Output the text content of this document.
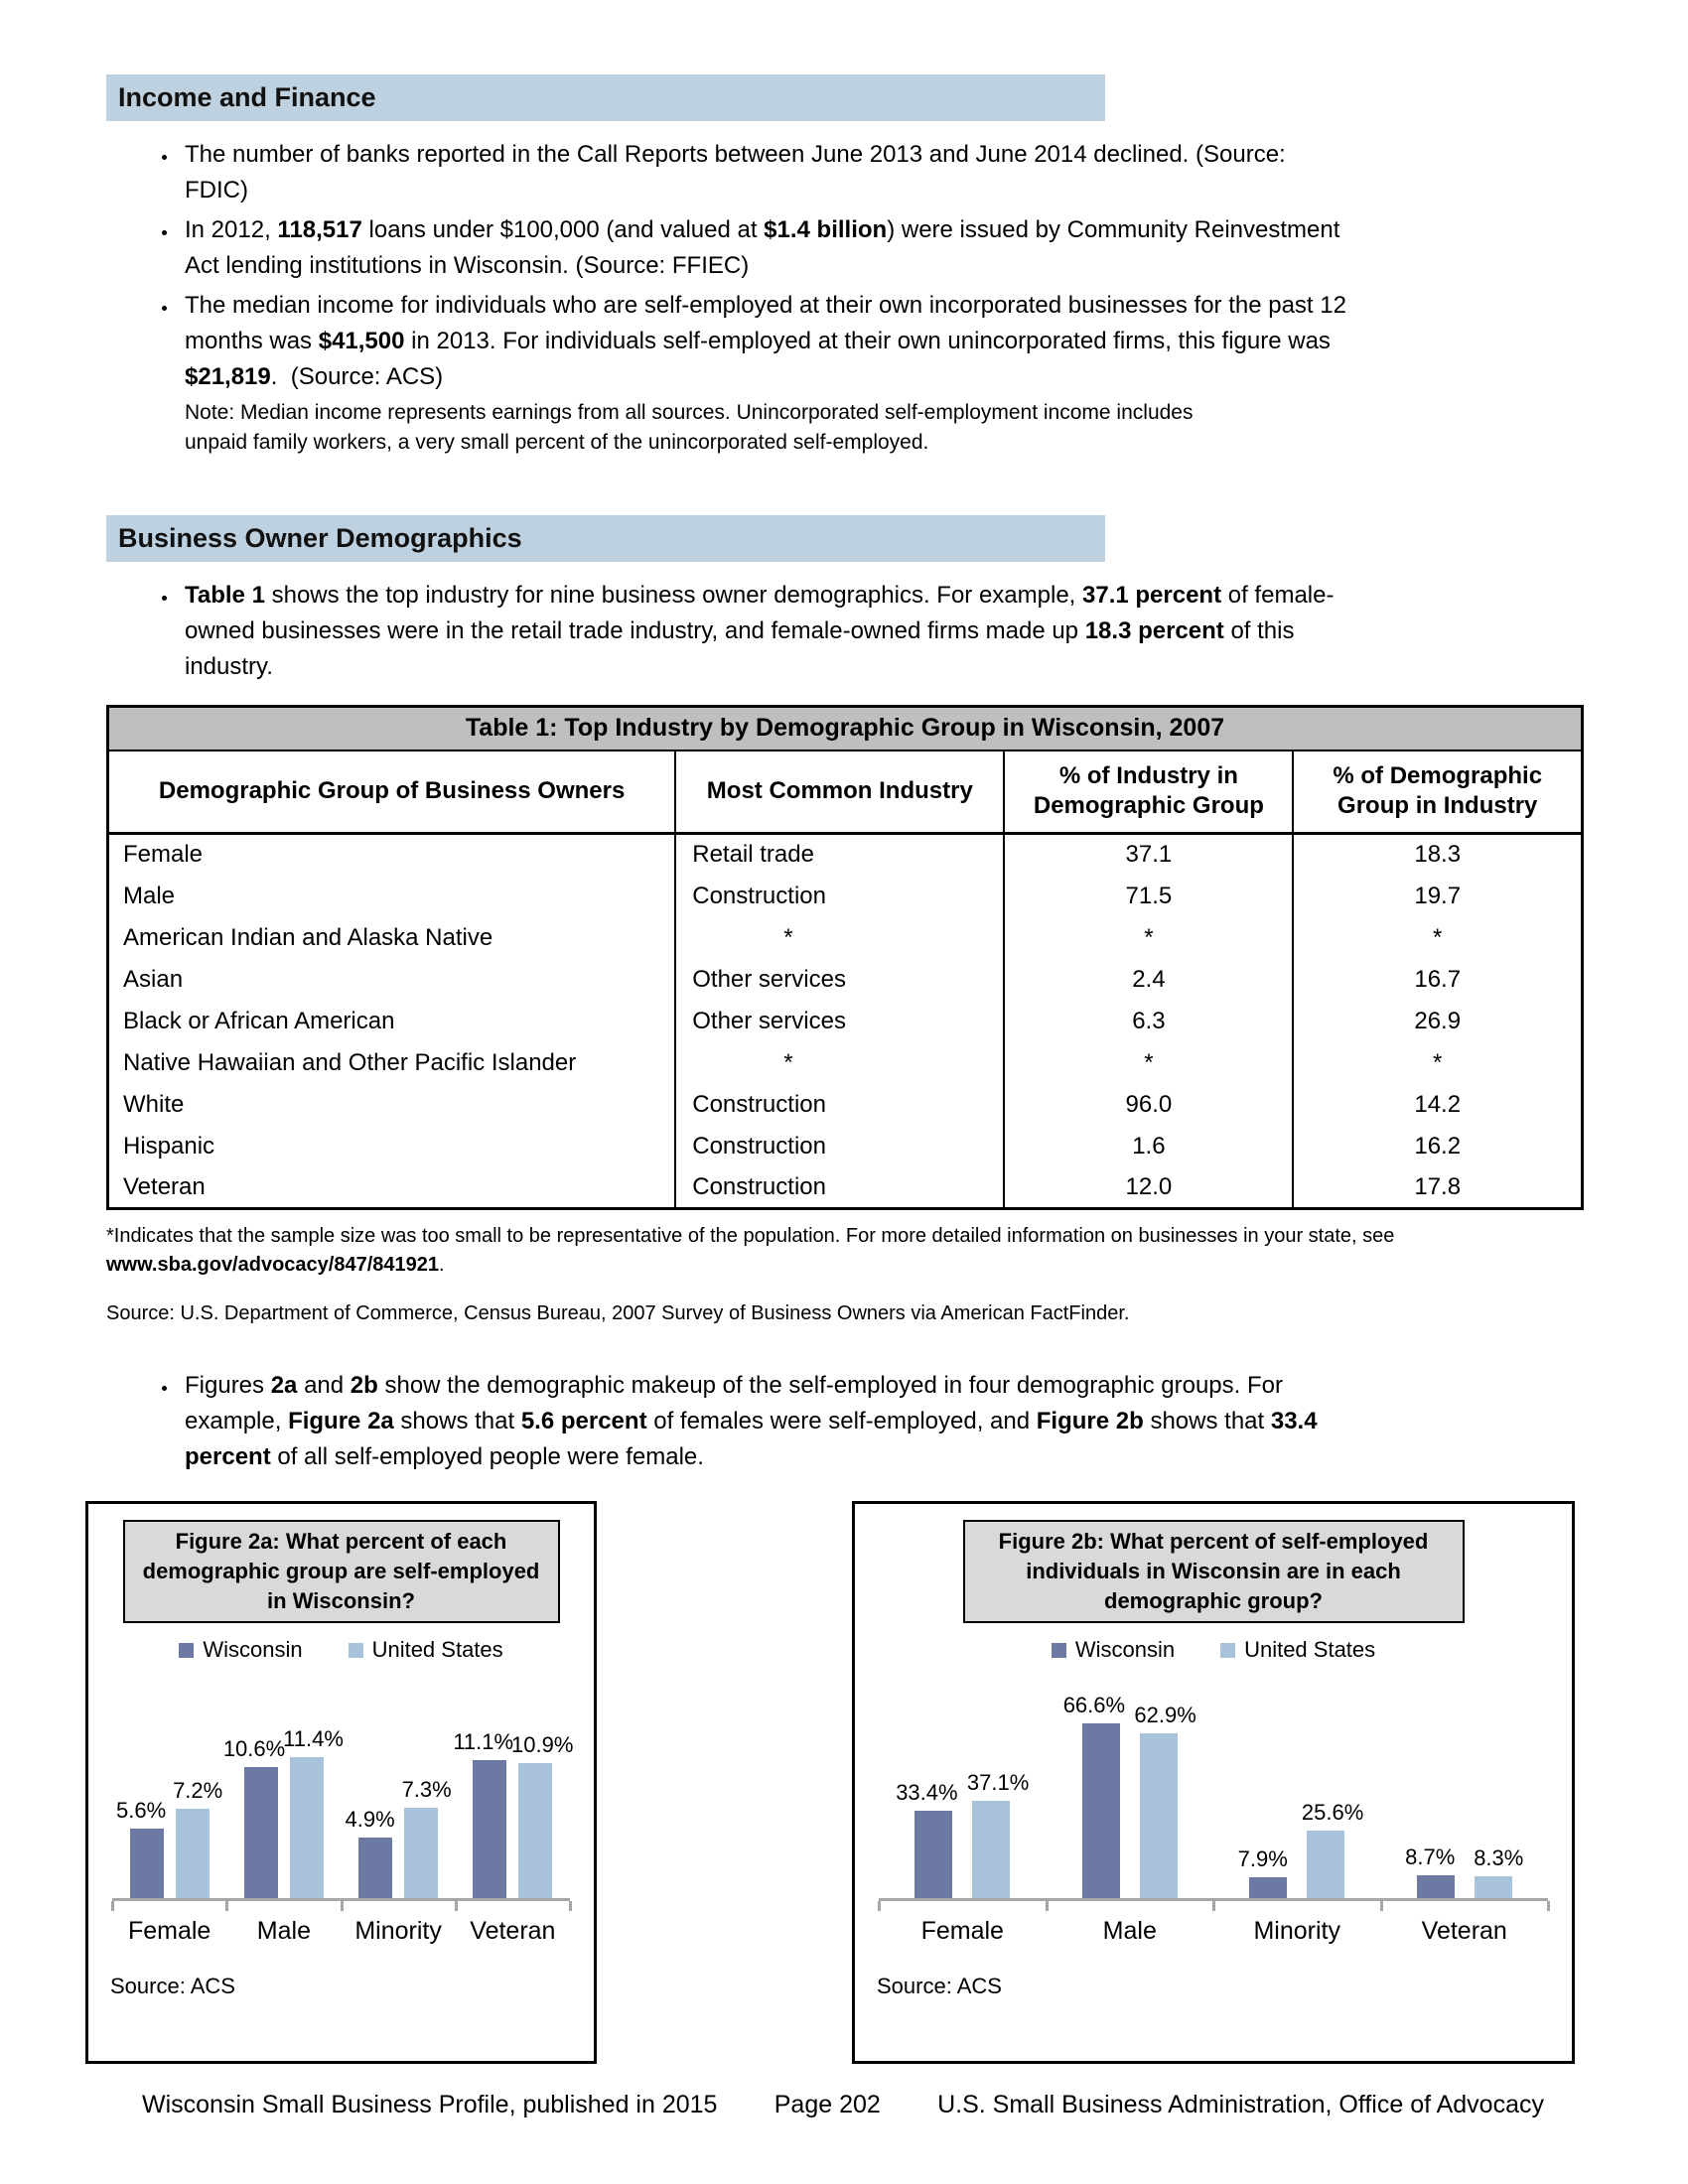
Income and Finance
• The number of banks reported in the Call Reports between June 2013 and June 2014 declined. (Source: FDIC)
• In 2012, 118,517 loans under $100,000 (and valued at $1.4 billion) were issued by Community Reinvestment Act lending institutions in Wisconsin. (Source: FFIEC)
• The median income for individuals who are self-employed at their own incorporated businesses for the past 12 months was $41,500 in 2013. For individuals self-employed at their own unincorporated firms, this figure was $21,819.  (Source: ACS)
Note: Median income represents earnings from all sources. Unincorporated self-employment income includes unpaid family workers, a very small percent of the unincorporated self-employed.
Business Owner Demographics
• Table 1 shows the top industry for nine business owner demographics. For example, 37.1 percent of female-owned businesses were in the retail trade industry, and female-owned firms made up 18.3 percent of this industry.
Table 1: Top Industry by Demographic Group in Wisconsin, 2007			
Demographic Group of Business Owners	Most Common Industry	% of Industry in Demographic Group	% of Demographic Group in Industry
Female	Retail trade	37.1	18.3
Male	Construction	71.5	19.7
American Indian and Alaska Native	*	*	*
Asian	Other services	2.4	16.7
Black or African American	Other services	6.3	26.9
Native Hawaiian and Other Pacific Islander	*	*	*
White	Construction	96.0	14.2
Hispanic	Construction	1.6	16.2
Veteran	Construction	12.0	17.8
*Indicates that the sample size was too small to be representative of the population. For more detailed information on businesses in your state, see www.sba.gov/advocacy/847/841921.
Source: U.S. Department of Commerce, Census Bureau, 2007 Survey of Business Owners via American FactFinder.
• Figures 2a and 2b show the demographic makeup of the self-employed in four demographic groups. For example, Figure 2a shows that 5.6 percent of females were self-employed, and Figure 2b shows that 33.4 percent of all self-employed people were female.
Figure 2a: What percent of each demographic group are self-employed in Wisconsin?
Wisconsin	United States
5.6%
7.2%
10.6%
11.4%
4.9%
7.3%
11.1%
10.9%
Female	Male	Minority	Veteran
Source: ACS
Figure 2b: What percent of self-employed individuals in Wisconsin are in each demographic group?
Wisconsin	United States
33.4% 37.1%
66.6% 62.9%
7.9%
25.6%
8.7% 8.3%
Female	Male	Minority	Veteran
Source: ACS
Wisconsin Small Business Profile, published in 2015 Page 202 U.S. Small Business Administration, Office of Advocacy
